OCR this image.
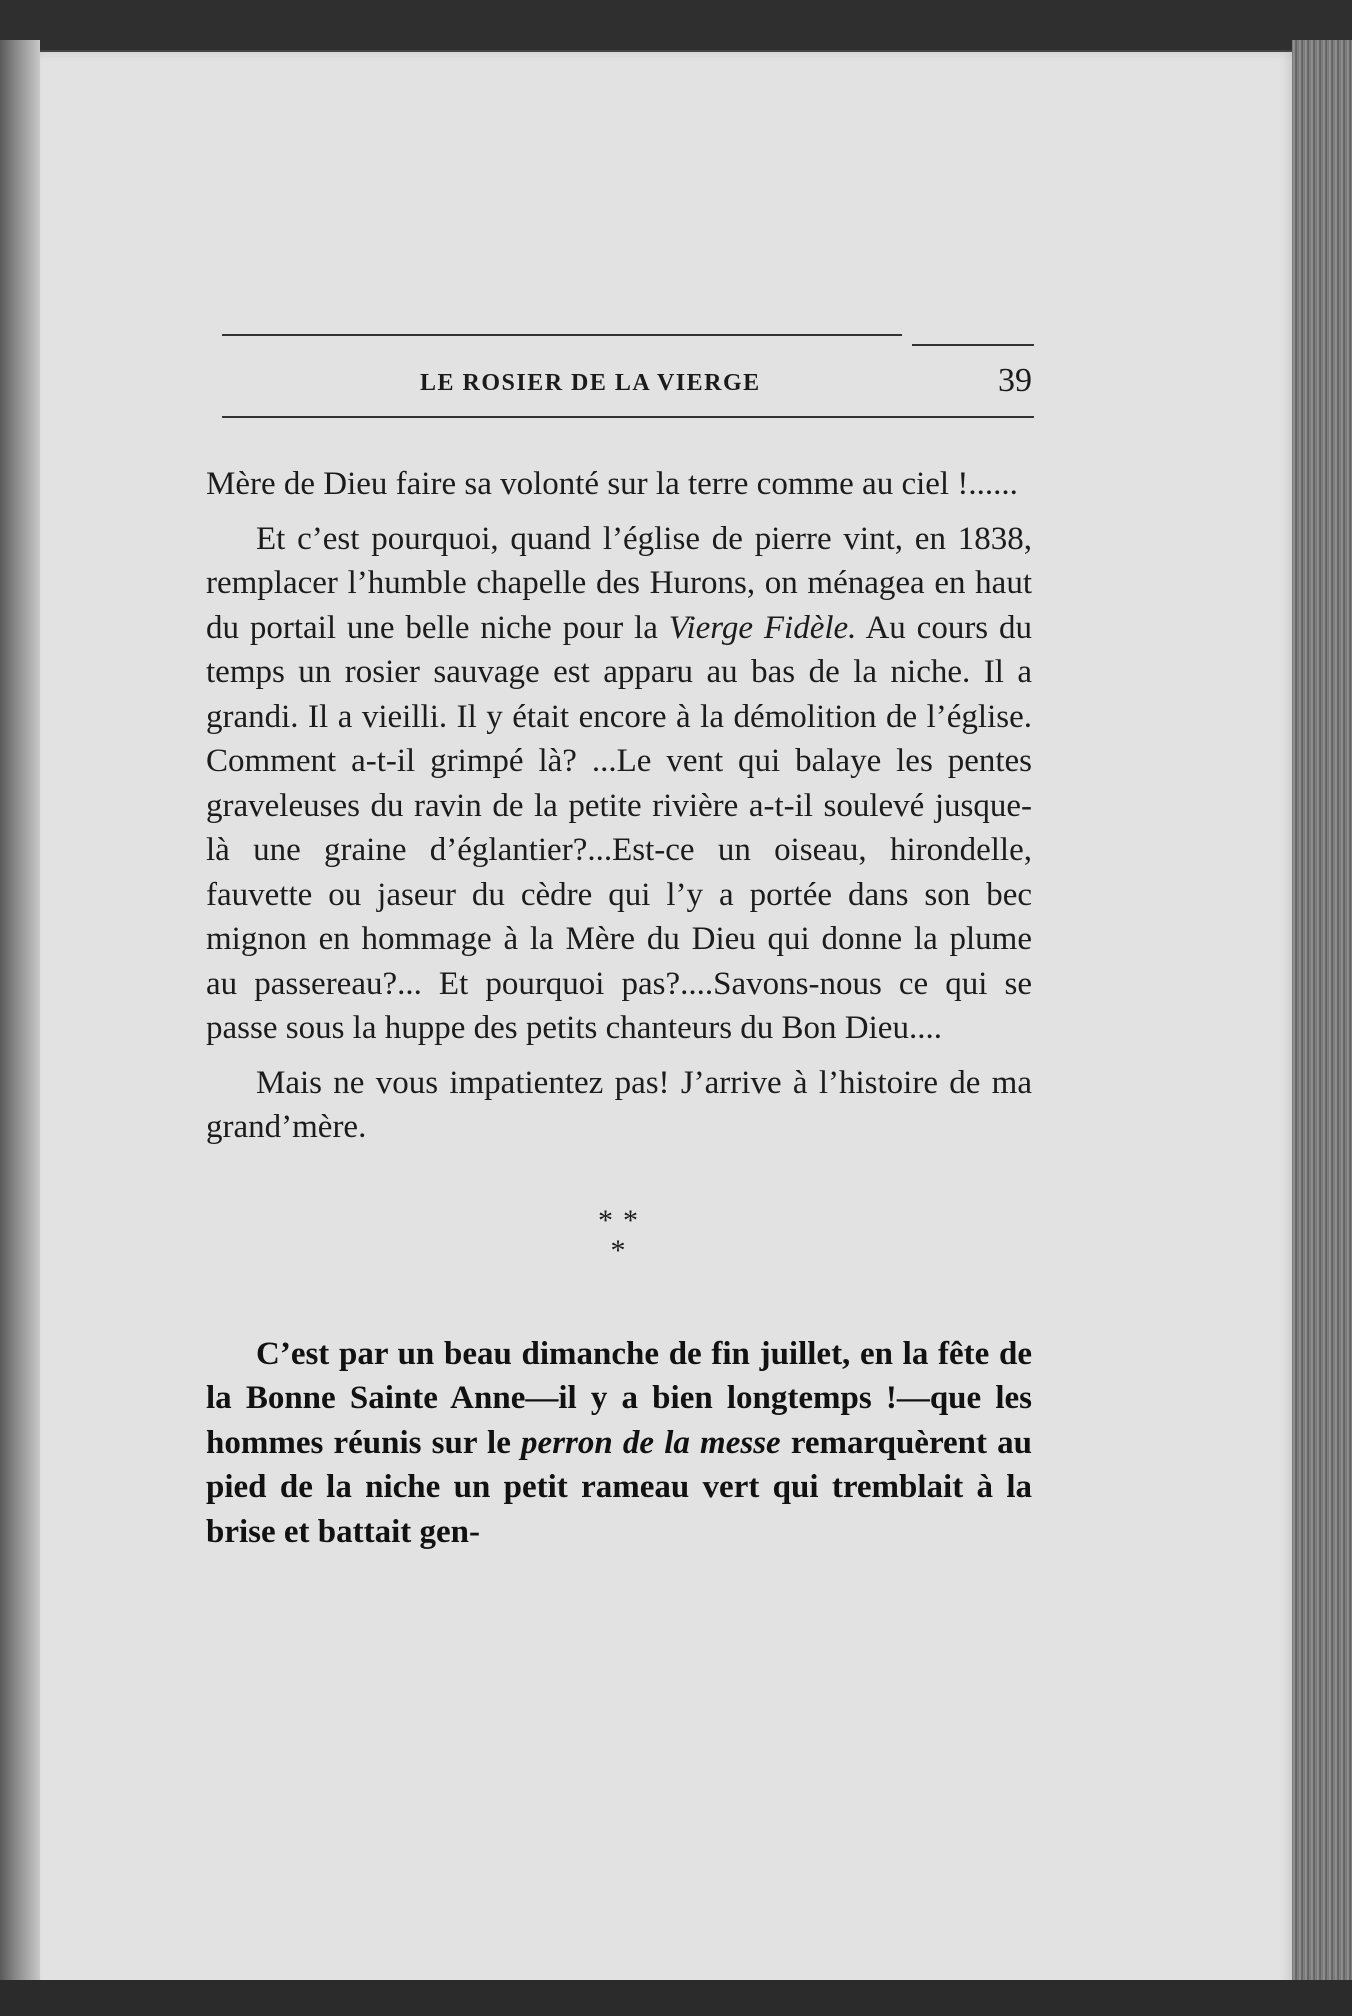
LE ROSIER DE LA VIERGE	39

Mère de Dieu faire sa volonté sur la terre comme au ciel !......

Et c’est pourquoi, quand l’église de pierre vint, en 1838, remplacer l’humble chapelle des Hurons, on ménagea en haut du portail une belle niche pour la Vierge Fidèle. Au cours du temps un rosier sauvage est apparu au bas de la niche. Il a grandi. Il a vieilli. Il y était encore à la démolition de l’église. Comment a-t-il grimpé là? ...Le vent qui balaye les pentes graveleuses du ravin de la petite rivière a-t-il soulevé jusque-là une graine d’églantier?...Est-ce un oiseau, hirondelle, fauvette ou jaseur du cèdre qui l’y a portée dans son bec mignon en hommage à la Mère du Dieu qui donne la plume au passereau?... Et pourquoi pas?....Savons-nous ce qui se passe sous la huppe des petits chanteurs du Bon Dieu....

Mais ne vous impatientez pas! J’arrive à l’histoire de ma grand’mère.

* *
*

C’est par un beau dimanche de fin juillet, en la fête de la Bonne Sainte Anne—il y a bien longtemps !—que les hommes réunis sur le perron de la messe remarquèrent au pied de la niche un petit rameau vert qui tremblait à la brise et battait gen-
